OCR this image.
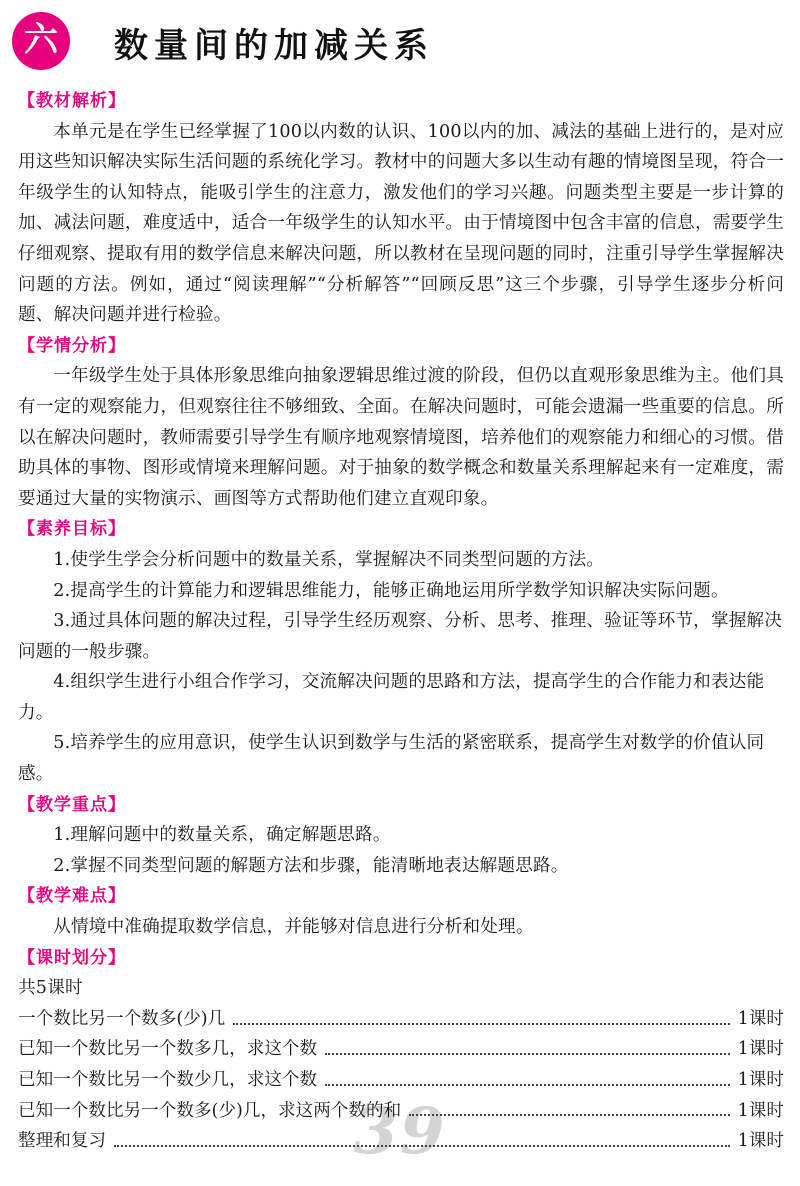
六	数量间的加减关系
39
【教材解析】
本单元是在学生已经掌握了100以内数的认识、100以内的加、减法的基础上进行的，是对应用这些知识解决实际生活问题的系统化学习。教材中的问题大多以生动有趣的情境图呈现，符合一年级学生的认知特点，能吸引学生的注意力，激发他们的学习兴趣。问题类型主要是一步计算的加、减法问题，难度适中，适合一年级学生的认知水平。由于情境图中包含丰富的信息，需要学生仔细观察、提取有用的数学信息来解决问题，所以教材在呈现问题的同时，注重引导学生掌握解决问题的方法。例如，通过“阅读理解”“分析解答”“回顾反思”这三个步骤，引导学生逐步分析问题、解决问题并进行检验。
【学情分析】
一年级学生处于具体形象思维向抽象逻辑思维过渡的阶段，但仍以直观形象思维为主。他们具有一定的观察能力，但观察往往不够细致、全面。在解决问题时，可能会遗漏一些重要的信息。所以在解决问题时，教师需要引导学生有顺序地观察情境图，培养他们的观察能力和细心的习惯。借助具体的事物、图形或情境来理解问题。对于抽象的数学概念和数量关系理解起来有一定难度，需要通过大量的实物演示、画图等方式帮助他们建立直观印象。
【素养目标】
1.使学生学会分析问题中的数量关系，掌握解决不同类型问题的方法。
2.提高学生的计算能力和逻辑思维能力，能够正确地运用所学数学知识解决实际问题。
3.通过具体问题的解决过程，引导学生经历观察、分析、思考、推理、验证等环节，掌握解决问题的一般步骤。
4.组织学生进行小组合作学习，交流解决问题的思路和方法，提高学生的合作能力和表达能力。
5.培养学生的应用意识，使学生认识到数学与生活的紧密联系，提高学生对数学的价值认同感。
【教学重点】
1.理解问题中的数量关系，确定解题思路。
2.掌握不同类型问题的解题方法和步骤，能清晰地表达解题思路。
【教学难点】
从情境中准确提取数学信息，并能够对信息进行分析和处理。
【课时划分】
共5课时
一个数比另一个数多(少)几	1课时
已知一个数比另一个数多几，求这个数	1课时
已知一个数比另一个数少几，求这个数	1课时
已知一个数比另一个数多(少)几，求这两个数的和	1课时
整理和复习	1课时
